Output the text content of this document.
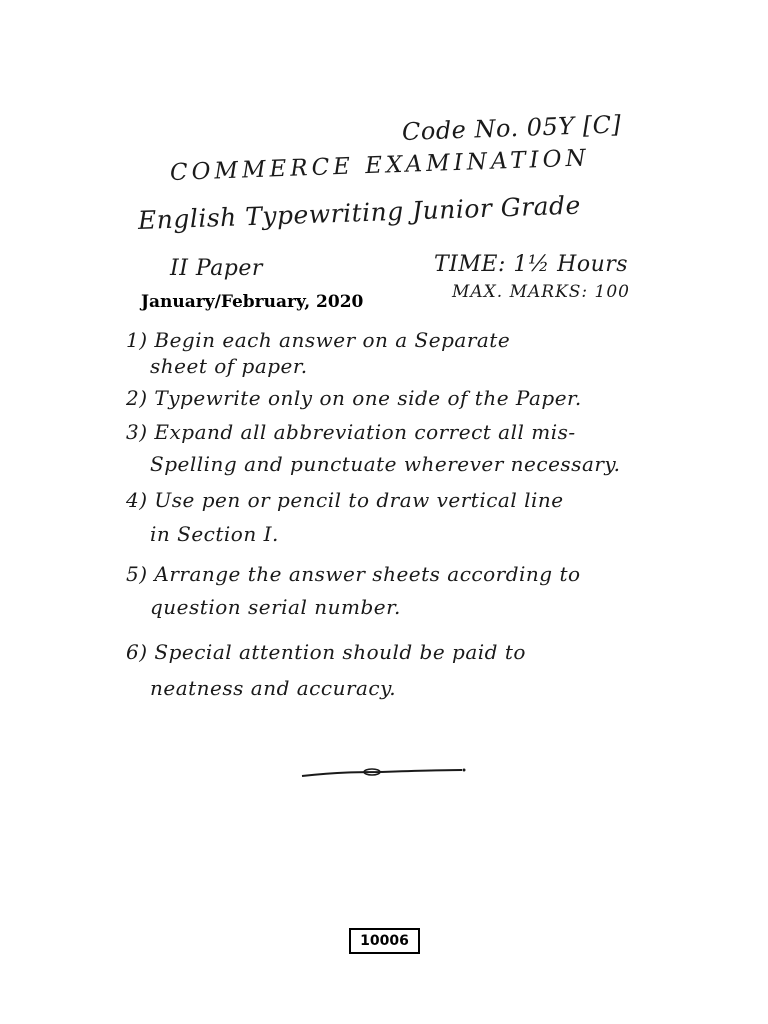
Code No. 05Y [C]
COMMERCE EXAMINATION
English Typewriting Junior Grade
II Paper	TIME: 1½ Hours
MAX. MARKS: 100
January/February, 2020
1) Begin each answer on a Separate
sheet of paper.
2) Typewrite only on one side of the Paper.
3) Expand all abbreviation correct all mis-
Spelling and punctuate wherever necessary.
4) Use pen or pencil to draw vertical line
in Section I.
5) Arrange the answer sheets according to
question serial number.
6) Special attention should be paid to
neatness and accuracy.
10006
